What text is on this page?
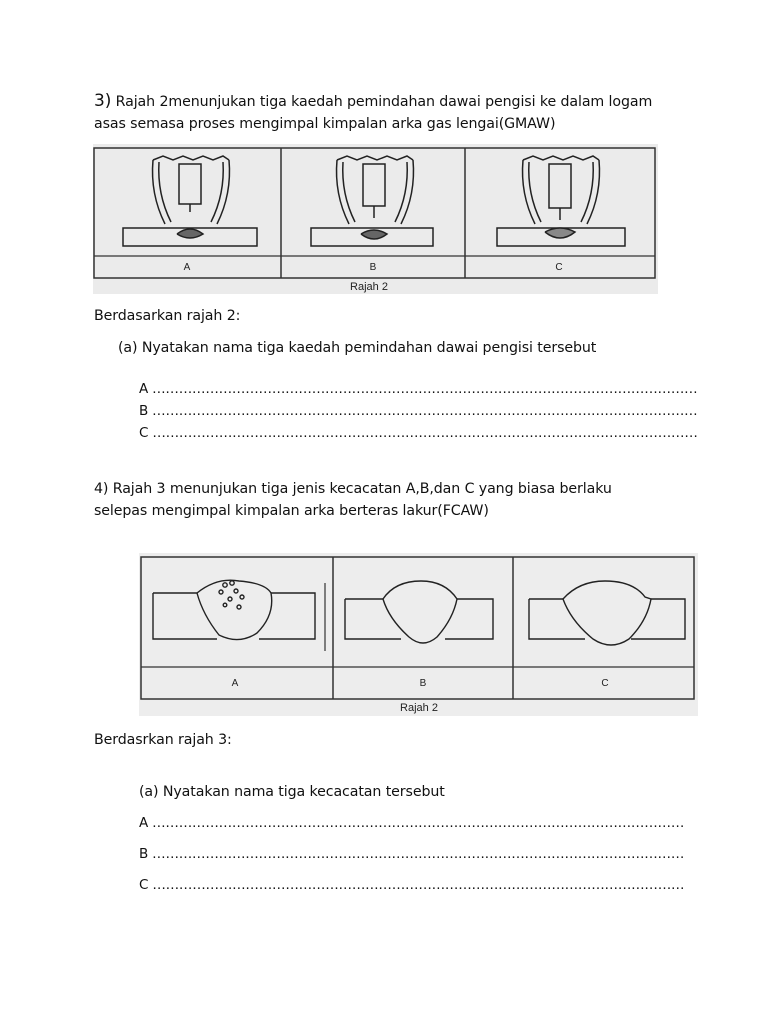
3) Rajah 2menunjukan tiga kaedah pemindahan dawai pengisi ke dalam logam
asas semasa proses mengimpal kimpalan arka gas lengai(GMAW)
A	B	C
Rajah 2
Berdasarkan rajah 2:
(a) Nyatakan nama tiga kaedah pemindahan dawai pengisi tersebut
A ……………………………………………………………………………………………………………
B ……………………………………………………………………………………………………………
C ……………………………………………………………………………………………………………
4) Rajah 3 menunjukan tiga jenis kecacatan A,B,dan C yang biasa berlaku
selepas mengimpal kimpalan arka berteras lakur(FCAW)
A	B	C
Rajah 2
Berdasrkan rajah 3:
(a) Nyatakan nama tiga kecacatan tersebut
A …………………………………………………………………………………………………………
B …………………………………………………………………………………………………………
C …………………………………………………………………………………………………………
